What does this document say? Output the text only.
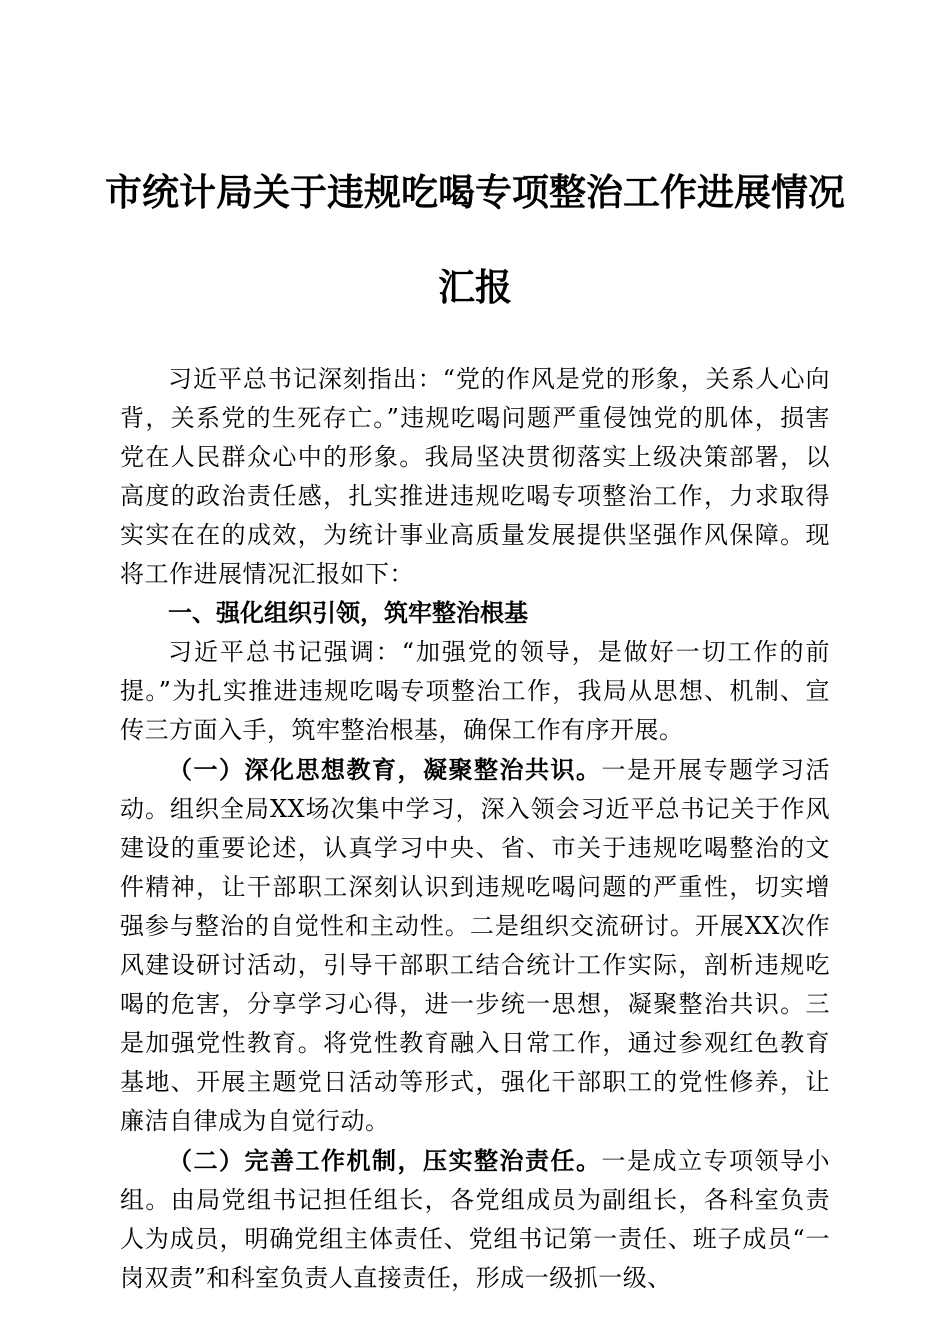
市统计局关于违规吃喝专项整治工作进展情况
汇报

习近平总书记深刻指出：“党的作风是党的形象，关系人心向背，关系党的生死存亡。”违规吃喝问题严重侵蚀党的肌体，损害党在人民群众心中的形象。我局坚决贯彻落实上级决策部署，以高度的政治责任感，扎实推进违规吃喝专项整治工作，力求取得实实在在的成效，为统计事业高质量发展提供坚强作风保障。现将工作进展情况汇报如下：

一、强化组织引领，筑牢整治根基

习近平总书记强调：“加强党的领导，是做好一切工作的前提。”为扎实推进违规吃喝专项整治工作，我局从思想、机制、宣传三方面入手，筑牢整治根基，确保工作有序开展。

（一）深化思想教育，凝聚整治共识。一是开展专题学习活动。组织全局XX场次集中学习，深入领会习近平总书记关于作风建设的重要论述，认真学习中央、省、市关于违规吃喝整治的文件精神，让干部职工深刻认识到违规吃喝问题的严重性，切实增强参与整治的自觉性和主动性。二是组织交流研讨。开展XX次作风建设研讨活动，引导干部职工结合统计工作实际，剖析违规吃喝的危害，分享学习心得，进一步统一思想，凝聚整治共识。三是加强党性教育。将党性教育融入日常工作，通过参观红色教育基地、开展主题党日活动等形式，强化干部职工的党性修养，让廉洁自律成为自觉行动。

（二）完善工作机制，压实整治责任。一是成立专项领导小组。由局党组书记担任组长，各党组成员为副组长，各科室负责人为成员，明确党组主体责任、党组书记第一责任、班子成员“一岗双责”和科室负责人直接责任，形成一级抓一级、
